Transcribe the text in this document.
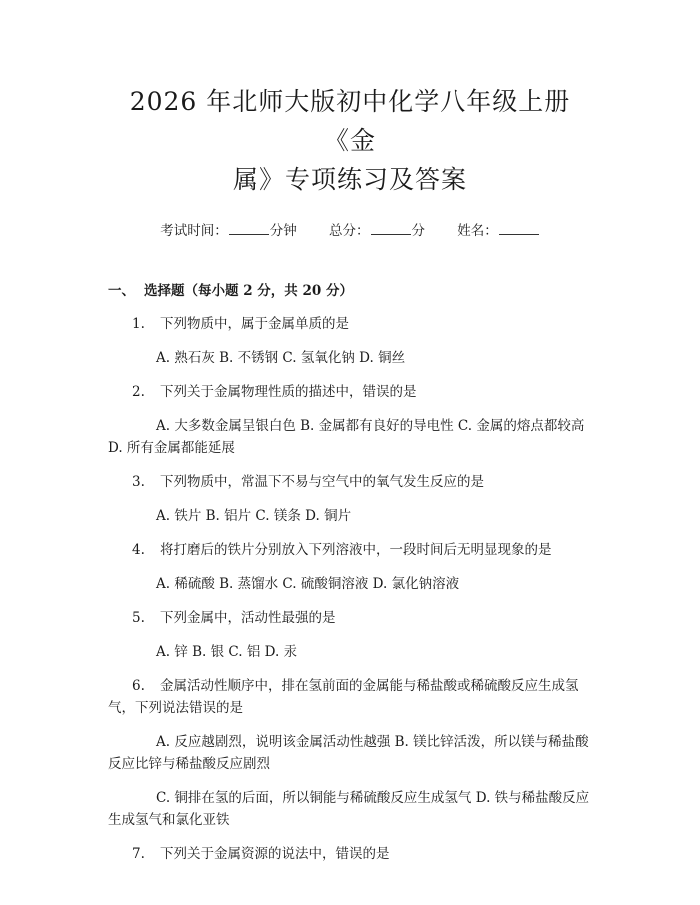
2026 年北师大版初中化学八年级上册《金
属》专项练习及答案
考试时间：	分钟 总分：	分 姓名：
一、 选择题（每小题 2 分，共 20 分）
1. 下列物质中，属于金属单质的是
A. 熟石灰 B. 不锈钢 C. 氢氧化钠 D. 铜丝
2. 下列关于金属物理性质的描述中，错误的是
A. 大多数金属呈银白色 B. 金属都有良好的导电性 C. 金属的熔点都较高 D. 所有金属都能延展
3. 下列物质中，常温下不易与空气中的氧气发生反应的是
A. 铁片 B. 铝片 C. 镁条 D. 铜片
4. 将打磨后的铁片分别放入下列溶液中，一段时间后无明显现象的是
A. 稀硫酸 B. 蒸馏水 C. 硫酸铜溶液 D. 氯化钠溶液
5. 下列金属中，活动性最强的是
A. 锌 B. 银 C. 铝 D. 汞
6. 金属活动性顺序中，排在氢前面的金属能与稀盐酸或稀硫酸反应生成氢气，下列说法错误的是
A. 反应越剧烈，说明该金属活动性越强 B. 镁比锌活泼，所以镁与稀盐酸反应比锌与稀盐酸反应剧烈
C. 铜排在氢的后面，所以铜能与稀硫酸反应生成氢气 D. 铁与稀盐酸反应生成氢气和氯化亚铁
7. 下列关于金属资源的说法中，错误的是
